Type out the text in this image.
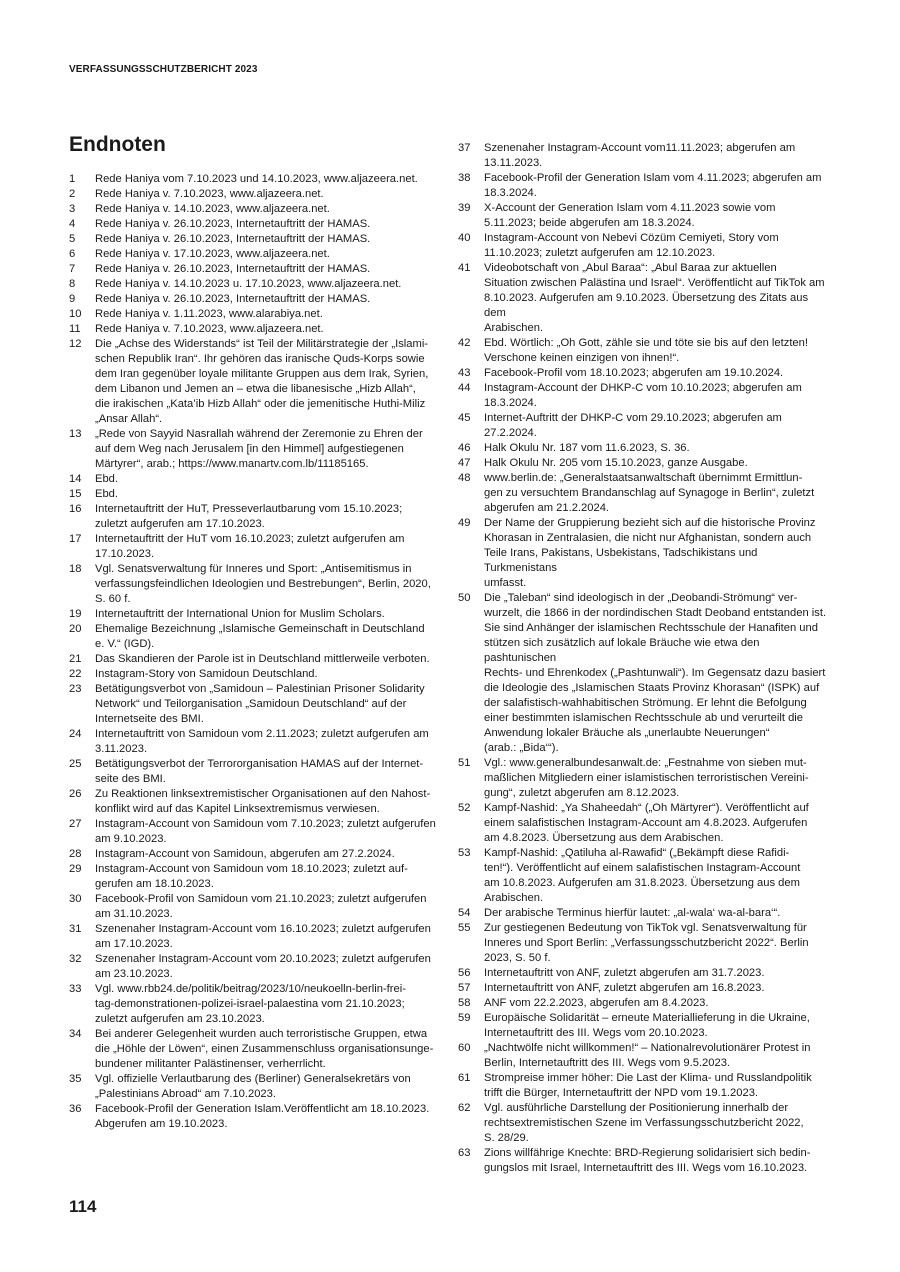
VERFASSUNGSSCHUTZBERICHT 2023
Endnoten
1	Rede Haniya vom 7.10.2023 und 14.10.2023, www.aljazeera.net.
2	Rede Haniya v. 7.10.2023, www.aljazeera.net.
3	Rede Haniya v. 14.10.2023, www.aljazeera.net.
4	Rede Haniya v. 26.10.2023, Internetauftritt der HAMAS.
5	Rede Haniya v. 26.10.2023, Internetauftritt der HAMAS.
6	Rede Haniya v. 17.10.2023, www.aljazeera.net.
7	Rede Haniya v. 26.10.2023, Internetauftritt der HAMAS.
8	Rede Haniya v. 14.10.2023 u. 17.10.2023, www.aljazeera.net.
9	Rede Haniya v. 26.10.2023, Internetauftritt der HAMAS.
10	Rede Haniya v. 1.11.2023, www.alarabiya.net.
11	Rede Haniya v. 7.10.2023, www.aljazeera.net.
12	Die „Achse des Widerstands“ ist Teil der Militärstrategie der „Islami-
schen Republik Iran“. Ihr gehören das iranische Quds-Korps sowie
dem Iran gegenüber loyale militante Gruppen aus dem Irak, Syrien,
dem Libanon und Jemen an – etwa die libanesische „Hizb Allah“,
die irakischen „Kata’ib Hizb Allah“ oder die jemenitische Huthi-Miliz
„Ansar Allah“.
13	„Rede von Sayyid Nasrallah während der Zeremonie zu Ehren der
auf dem Weg nach Jerusalem [in den Himmel] aufgestiegenen
Märtyrer“, arab.; https://www.manartv.com.lb/11185165.
14	Ebd.
15	Ebd.
16	Internetauftritt der HuT, Presseverlautbarung vom 15.10.2023;
zuletzt aufgerufen am 17.10.2023.
17	Internetauftritt der HuT vom 16.10.2023; zuletzt aufgerufen am
17.10.2023.
18	Vgl. Senatsverwaltung für Inneres und Sport: „Antisemitismus in
verfassungsfeindlichen Ideologien und Bestrebungen“, Berlin, 2020,
S. 60 f.
19	Internetauftritt der International Union for Muslim Scholars.
20	Ehemalige Bezeichnung „Islamische Gemeinschaft in Deutschland
e. V.“ (IGD).
21	Das Skandieren der Parole ist in Deutschland mittlerweile verboten.
22	Instagram-Story von Samidoun Deutschland.
23	Betätigungsverbot von „Samidoun – Palestinian Prisoner Solidarity
Network“ und Teilorganisation „Samidoun Deutschland“ auf der
Internetseite des BMI.
24	Internetauftritt von Samidoun vom 2.11.2023; zuletzt aufgerufen am
3.11.2023.
25	Betätigungsverbot der Terrororganisation HAMAS auf der Internet-
seite des BMI.
26	Zu Reaktionen linksextremistischer Organisationen auf den Nahost-
konflikt wird auf das Kapitel Linksextremismus verwiesen.
27	Instagram-Account von Samidoun vom 7.10.2023; zuletzt aufgerufen
am 9.10.2023.
28	Instagram-Account von Samidoun, abgerufen am 27.2.2024.
29	Instagram-Account von Samidoun vom 18.10.2023; zuletzt auf-
gerufen am 18.10.2023.
30	Facebook-Profil von Samidoun vom 21.10.2023; zuletzt aufgerufen
am 31.10.2023.
31	Szenenaher Instagram-Account vom 16.10.2023; zuletzt aufgerufen
am 17.10.2023.
32	Szenenaher Instagram-Account vom 20.10.2023; zuletzt aufgerufen
am 23.10.2023.
33	Vgl. www.rbb24.de/politik/beitrag/2023/10/neukoelln-berlin-frei-
tag-demonstrationen-polizei-israel-palaestina vom 21.10.2023;
zuletzt aufgerufen am 23.10.2023.
34	Bei anderer Gelegenheit wurden auch terroristische Gruppen, etwa
die „Höhle der Löwen“, einen Zusammenschluss organisationsunge-
bundener militanter Palästinenser, verherrlicht.
35	Vgl. offizielle Verlautbarung des (Berliner) Generalsekretärs von
„Palestinians Abroad“ am 7.10.2023.
36	Facebook-Profil der Generation Islam.Veröffentlicht am 18.10.2023.
Abgerufen am 19.10.2023.
37	Szenenaher Instagram-Account vom11.11.2023; abgerufen am
13.11.2023.
38	Facebook-Profil der Generation Islam vom 4.11.2023; abgerufen am
18.3.2024.
39	X-Account der Generation Islam vom 4.11.2023 sowie vom
5.11.2023; beide abgerufen am 18.3.2024.
40	Instagram-Account von Nebevi Cözüm Cemiyeti, Story vom
11.10.2023; zuletzt aufgerufen am 12.10.2023.
41	Videobotschaft von „Abul Baraa“: „Abul Baraa zur aktuellen
Situation zwischen Palästina und Israel“. Veröffentlicht auf TikTok am
8.10.2023. Aufgerufen am 9.10.2023. Übersetzung des Zitats aus dem
Arabischen.
42	Ebd. Wörtlich: „Oh Gott, zähle sie und töte sie bis auf den letzten!
Verschone keinen einzigen von ihnen!“.
43	Facebook-Profil vom 18.10.2023; abgerufen am 19.10.2024.
44	Instagram-Account der DHKP-C vom 10.10.2023; abgerufen am
18.3.2024.
45	Internet-Auftritt der DHKP-C vom 29.10.2023; abgerufen am
27.2.2024.
46	Halk Okulu Nr. 187 vom 11.6.2023, S. 36.
47	Halk Okulu Nr. 205 vom 15.10.2023, ganze Ausgabe.
48	www.berlin.de: „Generalstaatsanwaltschaft übernimmt Ermittlun-
gen zu versuchtem Brandanschlag auf Synagoge in Berlin“, zuletzt
abgerufen am 21.2.2024.
49	Der Name der Gruppierung bezieht sich auf die historische Provinz
Khorasan in Zentralasien, die nicht nur Afghanistan, sondern auch
Teile Irans, Pakistans, Usbekistans, Tadschikistans und Turkmenistans
umfasst.
50	Die „Taleban“ sind ideologisch in der „Deobandi-Strömung“ ver-
wurzelt, die 1866 in der nordindischen Stadt Deoband entstanden ist.
Sie sind Anhänger der islamischen Rechtsschule der Hanafiten und
stützen sich zusätzlich auf lokale Bräuche wie etwa den pashtunischen
Rechts- und Ehrenkodex („Pashtunwali“). Im Gegensatz dazu basiert
die Ideologie des „Islamischen Staats Provinz Khorasan“ (ISPK) auf
der salafistisch-wahhabitischen Strömung. Er lehnt die Befolgung
einer bestimmten islamischen Rechtsschule ab und verurteilt die
Anwendung lokaler Bräuche als „unerlaubte Neuerungen“
(arab.: „Bida‘“).
51	Vgl.: www.generalbundesanwalt.de: „Festnahme von sieben mut-
maßlichen Mitgliedern einer islamistischen terroristischen Vereini-
gung“, zuletzt abgerufen am 8.12.2023.
52	Kampf-Nashid: „Ya Shaheedah“ („Oh Märtyrer“). Veröffentlicht auf
einem salafistischen Instagram-Account am 4.8.2023. Aufgerufen
am 4.8.2023. Übersetzung aus dem Arabischen.
53	Kampf-Nashid: „Qatiluha al-Rawafid“ („Bekämpft diese Rafidi-
ten!“). Veröffentlicht auf einem salafistischen Instagram-Account
am 10.8.2023. Aufgerufen am 31.8.2023. Übersetzung aus dem
Arabischen.
54	Der arabische Terminus hierfür lautet: „al-wala‘ wa-al-bara‘“.
55	Zur gestiegenen Bedeutung von TikTok vgl. Senatsverwaltung für
Inneres und Sport Berlin: „Verfassungsschutzbericht 2022“. Berlin
2023, S. 50 f.
56	Internetauftritt von ANF, zuletzt abgerufen am 31.7.2023.
57	Internetauftritt von ANF, zuletzt abgerufen am 16.8.2023.
58	ANF vom 22.2.2023, abgerufen am 8.4.2023.
59	Europäische Solidarität – erneute Materiallieferung in die Ukraine,
Internetauftritt des III. Wegs vom 20.10.2023.
60	„Nachtwölfe nicht willkommen!“ – Nationalrevolutionärer Protest in
Berlin, Internetauftritt des III. Wegs vom 9.5.2023.
61	Strompreise immer höher: Die Last der Klima- und Russlandpolitik
trifft die Bürger, Internetauftritt der NPD vom 19.1.2023.
62	Vgl. ausführliche Darstellung der Positionierung innerhalb der
rechtsextremistischen Szene im Verfassungsschutzbericht 2022,
S. 28/29.
63	Zions willfährige Knechte: BRD-Regierung solidarisiert sich bedin-
gungslos mit Israel, Internetauftritt des III. Wegs vom 16.10.2023.
114
